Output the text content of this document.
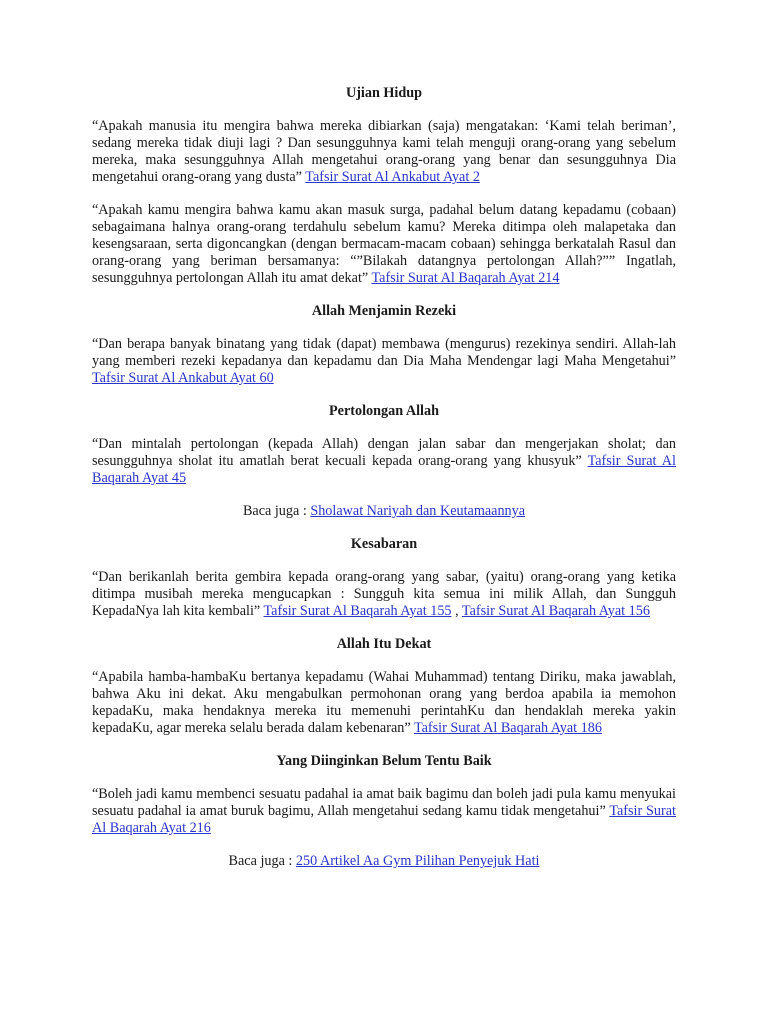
Ujian Hidup

“Apakah manusia itu mengira bahwa mereka dibiarkan (saja) mengatakan: ‘Kami telah beriman’, sedang mereka tidak diuji lagi ? Dan sesungguhnya kami telah menguji orang-orang yang sebelum mereka, maka sesungguhnya Allah mengetahui orang-orang yang benar dan sesungguhnya Dia mengetahui orang-orang yang dusta” Tafsir Surat Al Ankabut Ayat 2

“Apakah kamu mengira bahwa kamu akan masuk surga, padahal belum datang kepadamu (cobaan) sebagaimana halnya orang-orang terdahulu sebelum kamu? Mereka ditimpa oleh malapetaka dan kesengsaraan, serta digoncangkan (dengan bermacam-macam cobaan) sehingga berkatalah Rasul dan orang-orang yang beriman bersamanya: “”Bilakah datangnya pertolongan Allah?”” Ingatlah, sesungguhnya pertolongan Allah itu amat dekat” Tafsir Surat Al Baqarah Ayat 214

Allah Menjamin Rezeki

“Dan berapa banyak binatang yang tidak (dapat) membawa (mengurus) rezekinya sendiri. Allah-lah yang memberi rezeki kepadanya dan kepadamu dan Dia Maha Mendengar lagi Maha Mengetahui” Tafsir Surat Al Ankabut Ayat 60

Pertolongan Allah

“Dan mintalah pertolongan (kepada Allah) dengan jalan sabar dan mengerjakan sholat; dan sesungguhnya sholat itu amatlah berat kecuali kepada orang-orang yang khusyuk” Tafsir Surat Al Baqarah Ayat 45

Baca juga : Sholawat Nariyah dan Keutamaannya

Kesabaran

“Dan berikanlah berita gembira kepada orang-orang yang sabar, (yaitu) orang-orang yang ketika ditimpa musibah mereka mengucapkan : Sungguh kita semua ini milik Allah, dan Sungguh KepadaNya lah kita kembali” Tafsir Surat Al Baqarah Ayat 155 , Tafsir Surat Al Baqarah Ayat 156

Allah Itu Dekat

“Apabila hamba-hambaKu bertanya kepadamu (Wahai Muhammad) tentang Diriku, maka jawablah, bahwa Aku ini dekat. Aku mengabulkan permohonan orang yang berdoa apabila ia memohon kepadaKu, maka hendaknya mereka itu memenuhi perintahKu dan hendaklah mereka yakin kepadaKu, agar mereka selalu berada dalam kebenaran” Tafsir Surat Al Baqarah Ayat 186

Yang Diinginkan Belum Tentu Baik

“Boleh jadi kamu membenci sesuatu padahal ia amat baik bagimu dan boleh jadi pula kamu menyukai sesuatu padahal ia amat buruk bagimu, Allah mengetahui sedang kamu tidak mengetahui” Tafsir Surat Al Baqarah Ayat 216

Baca juga : 250 Artikel Aa Gym Pilihan Penyejuk Hati
